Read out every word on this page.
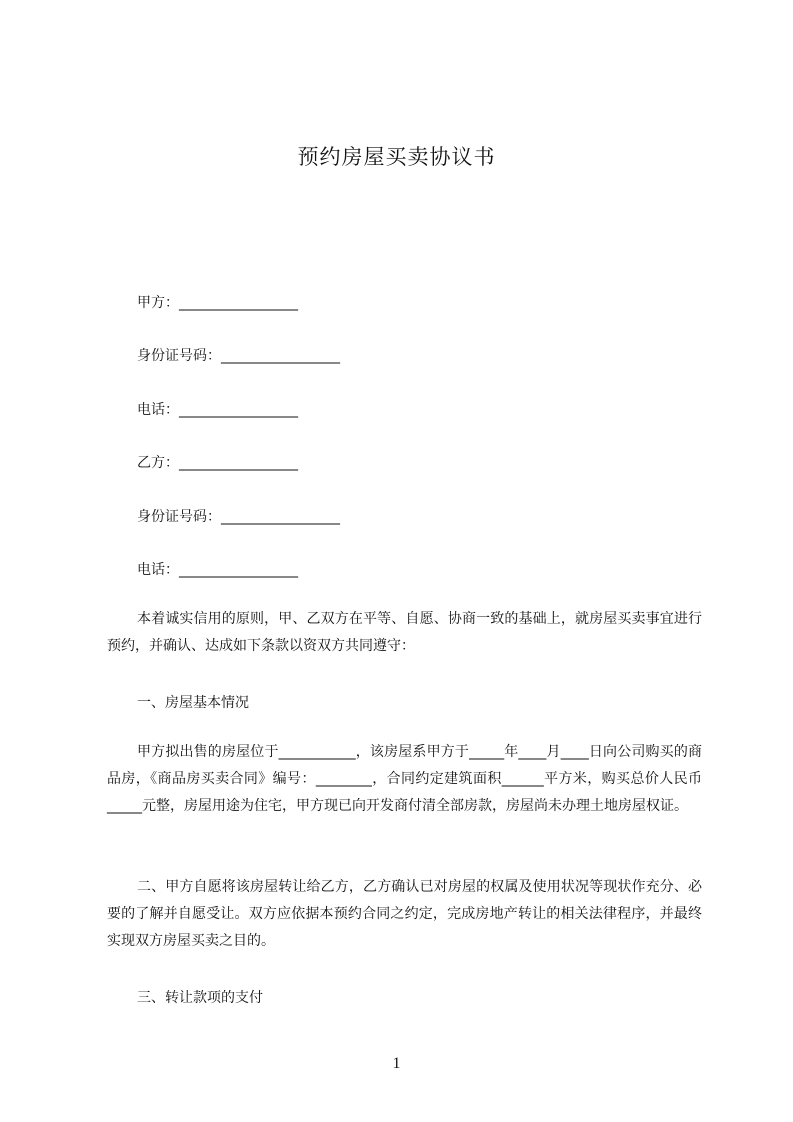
预约房屋买卖协议书
甲方：_________________
身份证号码：_________________
电话：_________________
乙方：_________________
身份证号码：_________________
电话：_________________
本着诚实信用的原则，甲、乙双方在平等、自愿、协商一致的基础上，就房屋买卖事宜进行预约，并确认、达成如下条款以资双方共同遵守：
一、房屋基本情况
甲方拟出售的房屋位于___________，该房屋系甲方于_____年____月____日向公司购买的商品房，《商品房买卖合同》编号：________，合同约定建筑面积______平方米，购买总价人民币_____元整，房屋用途为住宅，甲方现已向开发商付清全部房款，房屋尚未办理土地房屋权证。
二、甲方自愿将该房屋转让给乙方，乙方确认已对房屋的权属及使用状况等现状作充分、必要的了解并自愿受让。双方应依据本预约合同之约定，完成房地产转让的相关法律程序，并最终实现双方房屋买卖之目的。
三、转让款项的支付
1
